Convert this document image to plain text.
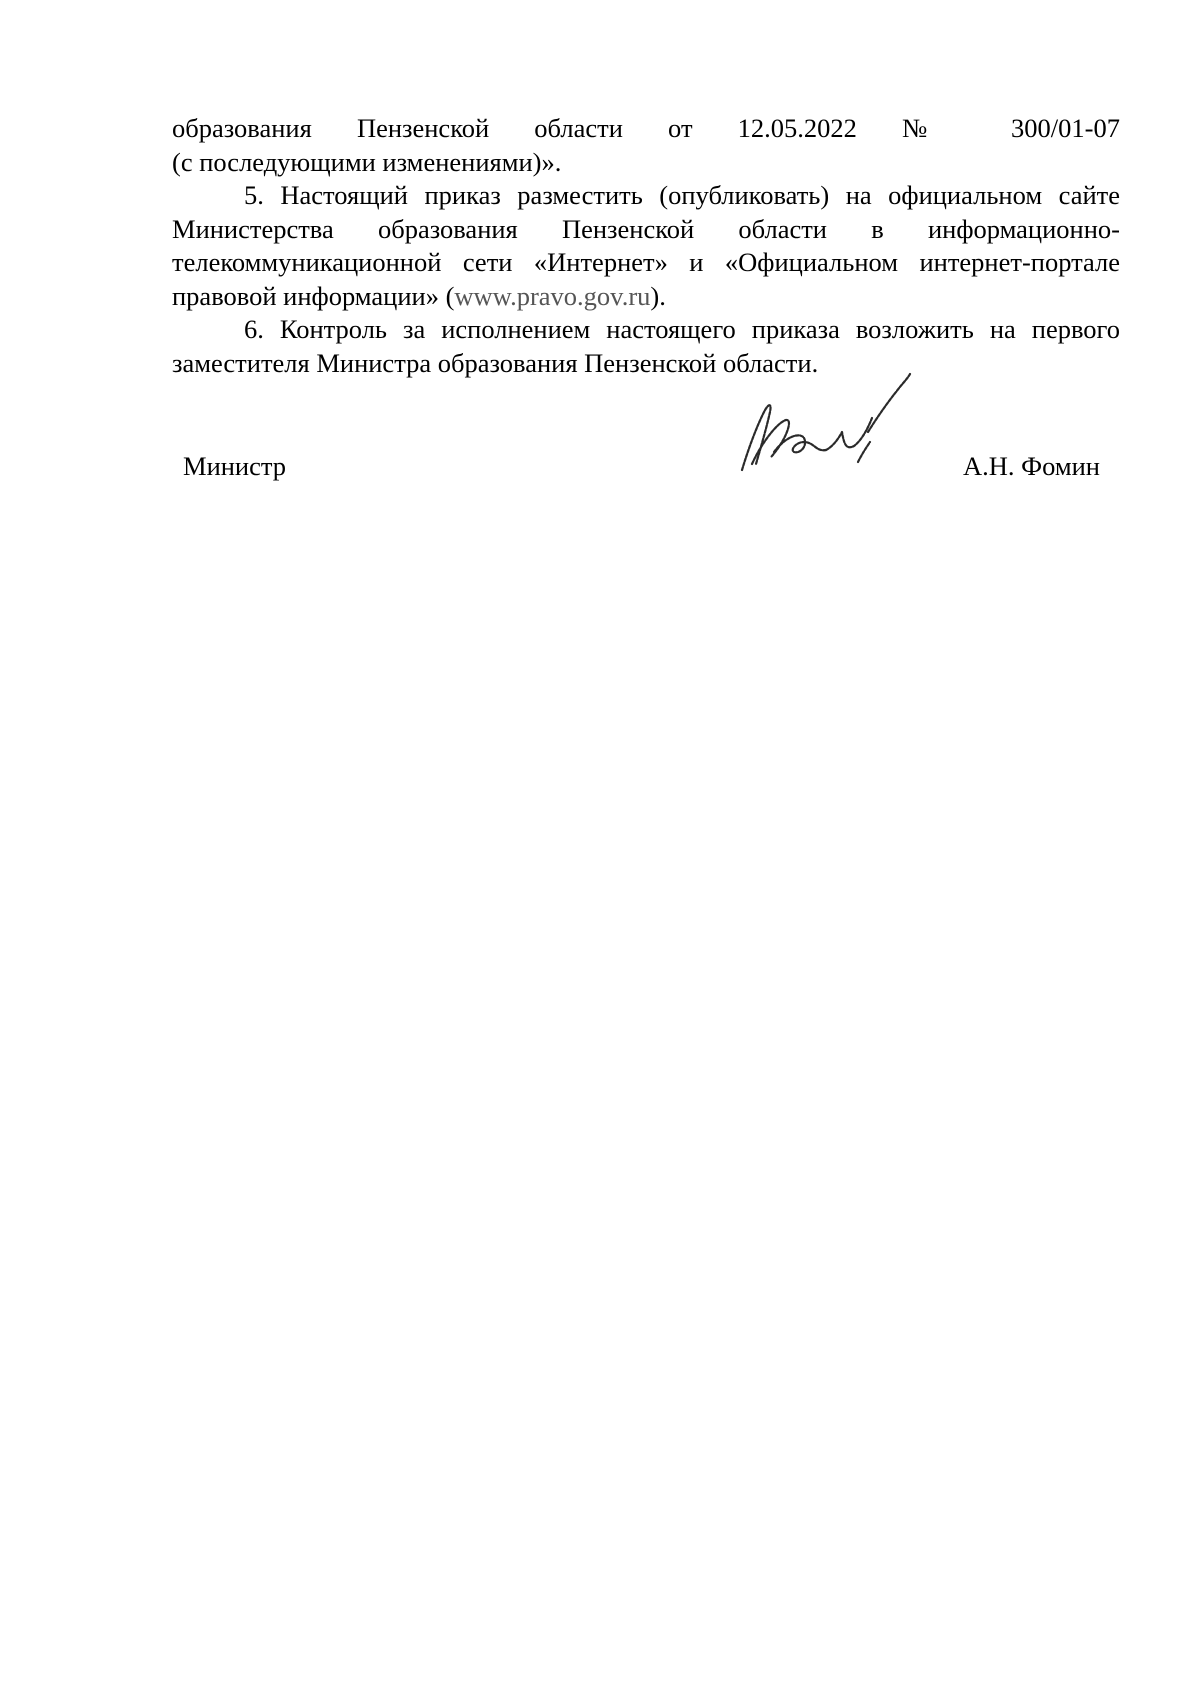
образования Пензенской области от 12.05.2022 № 300/01-07
(с последующими изменениями)».

5. Настоящий приказ разместить (опубликовать) на официальном сайте Министерства образования Пензенской области в информационно-телекоммуникационной сети «Интернет» и «Официальном интернет-портале правовой информации» (www.pravo.gov.ru).

6. Контроль за исполнением настоящего приказа возложить на первого заместителя Министра образования Пензенской области.

Министр	А.Н. Фомин
